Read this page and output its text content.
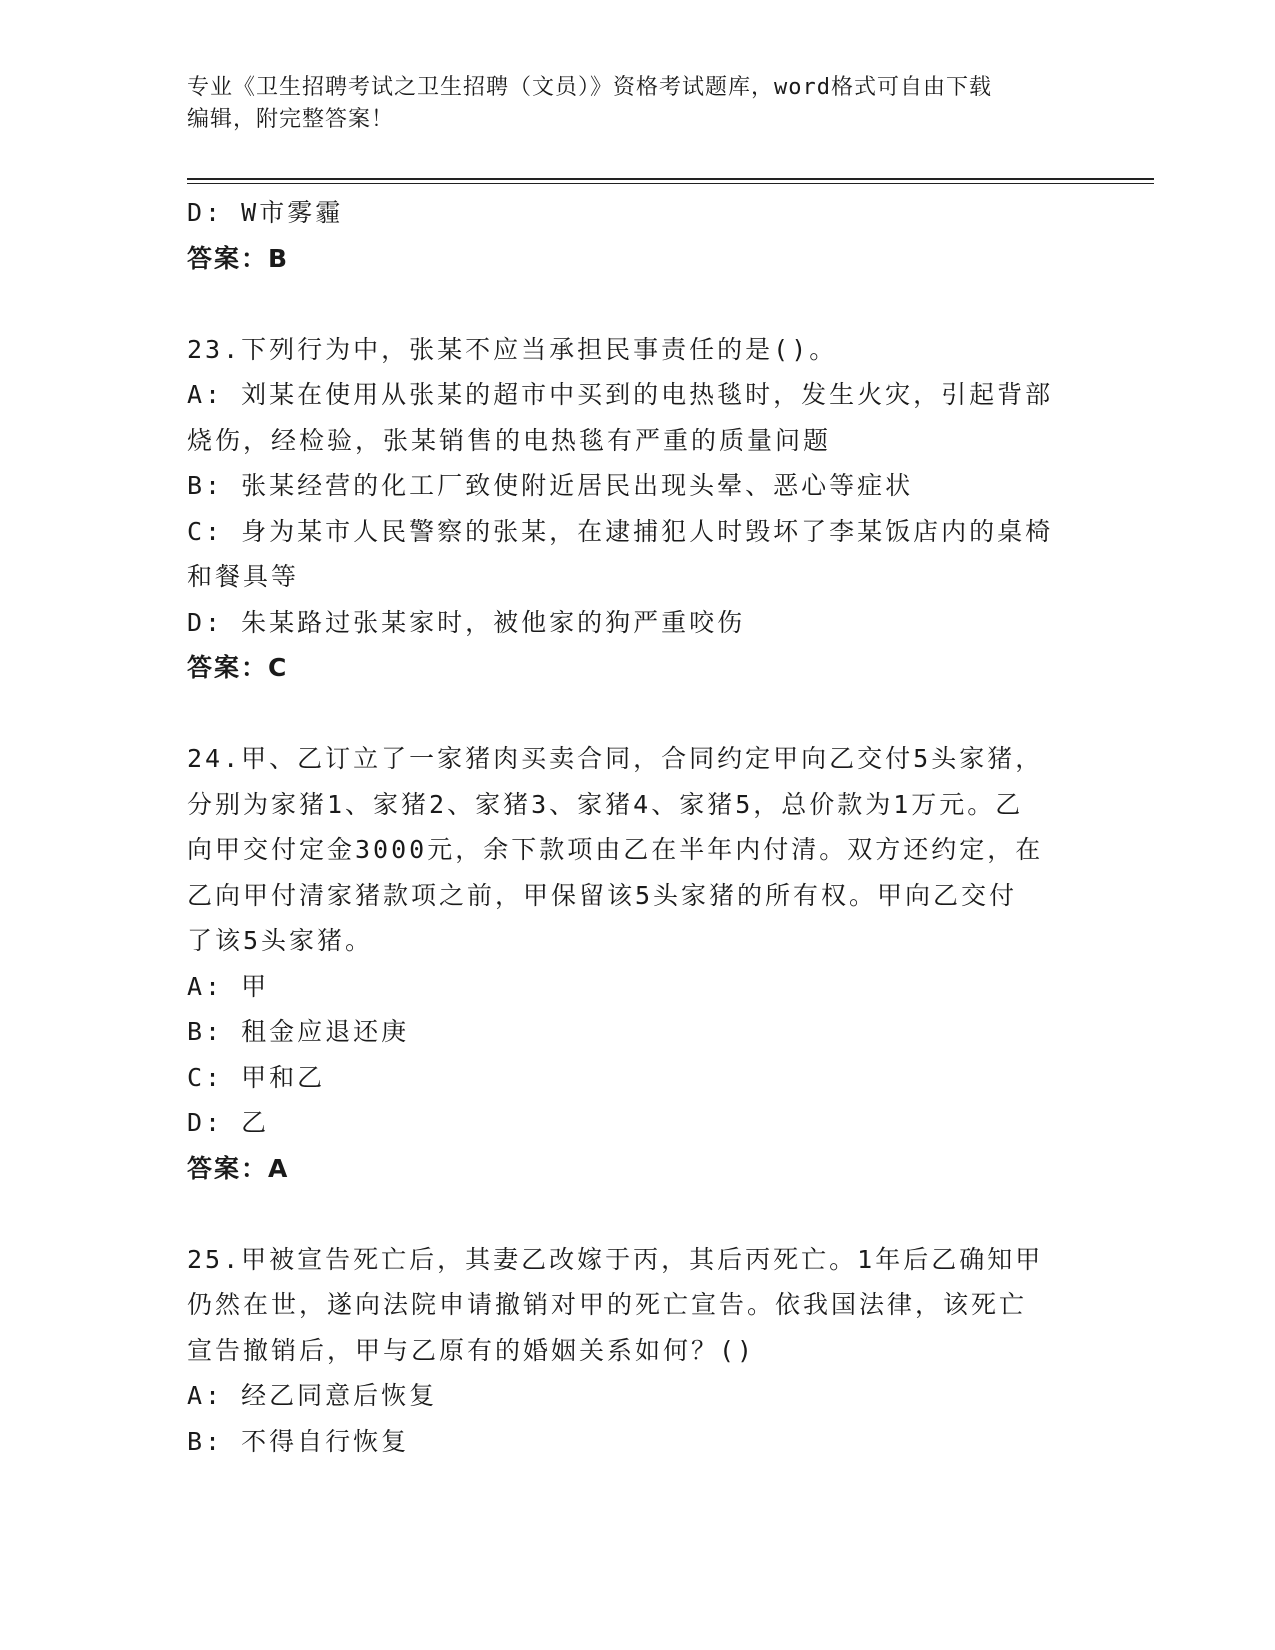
专业《卫生招聘考试之卫生招聘（文员）》资格考试题库，word格式可自由下载
编辑，附完整答案！
D: W市雾霾
答案：B
23.下列行为中，张某不应当承担民事责任的是()。
A: 刘某在使用从张某的超市中买到的电热毯时，发生火灾，引起背部
烧伤，经检验，张某销售的电热毯有严重的质量问题
B: 张某经营的化工厂致使附近居民出现头晕、恶心等症状
C: 身为某市人民警察的张某，在逮捕犯人时毁坏了李某饭店内的桌椅
和餐具等
D: 朱某路过张某家时，被他家的狗严重咬伤
答案：C
24.甲、乙订立了一家猪肉买卖合同，合同约定甲向乙交付5头家猪，
分别为家猪1、家猪2、家猪3、家猪4、家猪5，总价款为1万元。乙
向甲交付定金3000元，余下款项由乙在半年内付清。双方还约定，在
乙向甲付清家猪款项之前，甲保留该5头家猪的所有权。甲向乙交付
了该5头家猪。
A: 甲
B: 租金应退还庚
C: 甲和乙
D: 乙
答案：A
25.甲被宣告死亡后，其妻乙改嫁于丙，其后丙死亡。1年后乙确知甲
仍然在世，遂向法院申请撤销对甲的死亡宣告。依我国法律，该死亡
宣告撤销后，甲与乙原有的婚姻关系如何？()
A: 经乙同意后恢复
B: 不得自行恢复
